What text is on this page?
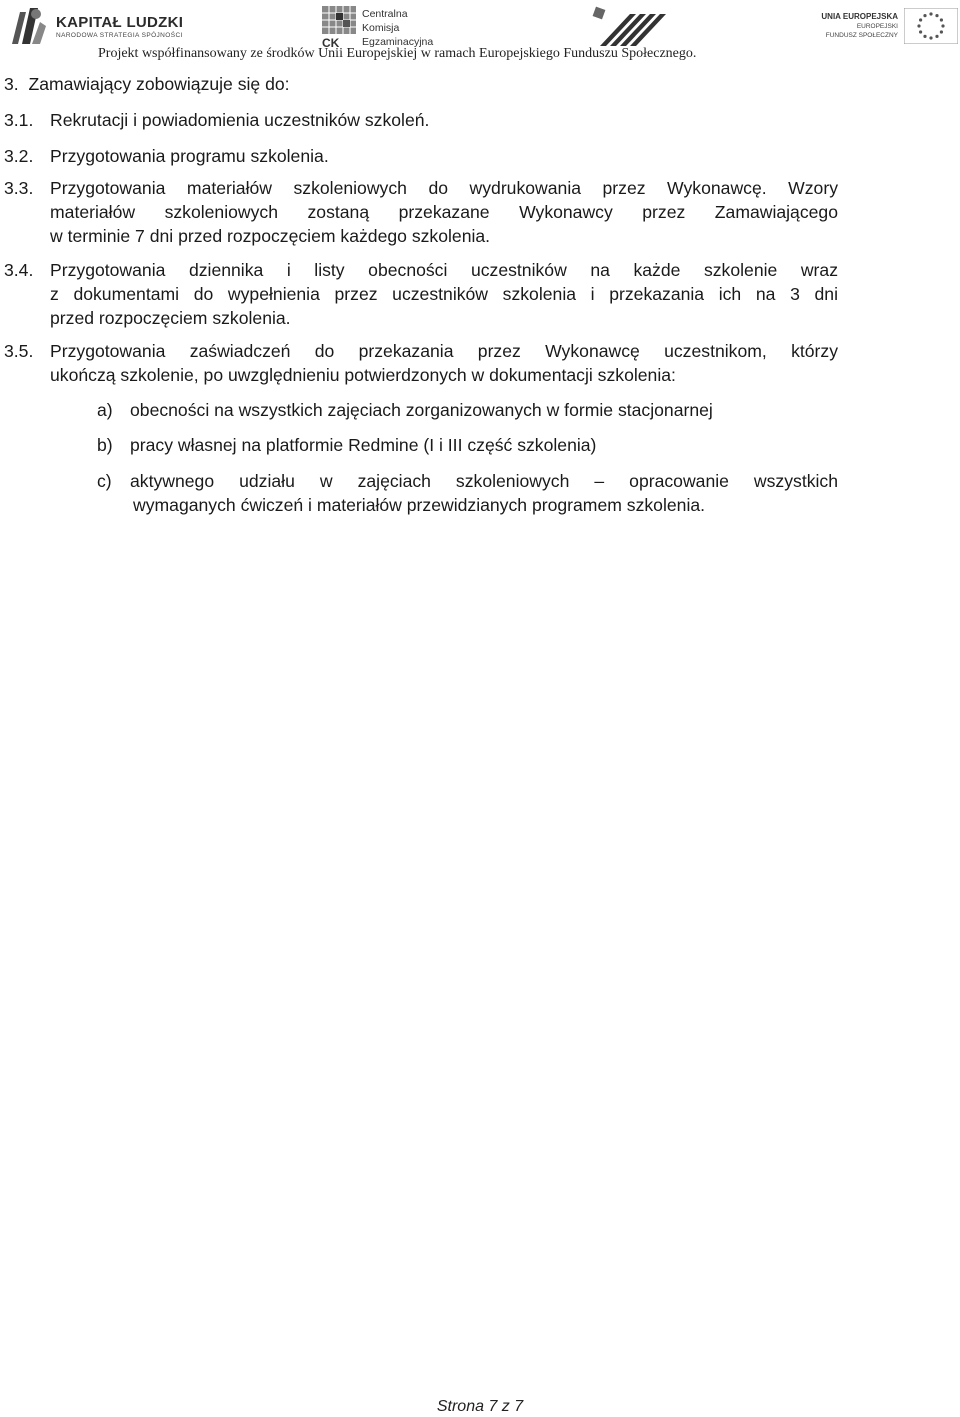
KAPITAŁ LUDZKI
NARODOWA STRATEGIA SPÓJNOŚCI
CK
Centralna
Komisja
Egzaminacyjna
UNIA EUROPEJSKA
EUROPEJSKI
FUNDUSZ SPOŁECZNY
Projekt współfinansowany ze środków Unii Europejskiej w ramach Europejskiego Funduszu Społecznego.
3. Zamawiający zobowiązuje się do:
3.1. Rekrutacji i powiadomienia uczestników szkoleń.
3.2. Przygotowania programu szkolenia.
3.3. Przygotowania materiałów szkoleniowych do wydrukowania przez Wykonawcę. Wzory
materiałów szkoleniowych zostaną przekazane Wykonawcy przez Zamawiającego
w terminie 7 dni przed rozpoczęciem każdego szkolenia.
3.4. Przygotowania dziennika i listy obecności uczestników na każde szkolenie wraz
z dokumentami do wypełnienia przez uczestników szkolenia i przekazania ich na 3 dni
przed rozpoczęciem szkolenia.
3.5. Przygotowania zaświadczeń do przekazania przez Wykonawcę uczestnikom, którzy
ukończą szkolenie, po uwzględnieniu potwierdzonych w dokumentacji szkolenia:
a) obecności na wszystkich zajęciach zorganizowanych w formie stacjonarnej
b) pracy własnej na platformie Redmine (I i III część szkolenia)
c) aktywnego udziału w zajęciach szkoleniowych – opracowanie wszystkich
wymaganych ćwiczeń i materiałów przewidzianych programem szkolenia.
Strona 7 z 7
